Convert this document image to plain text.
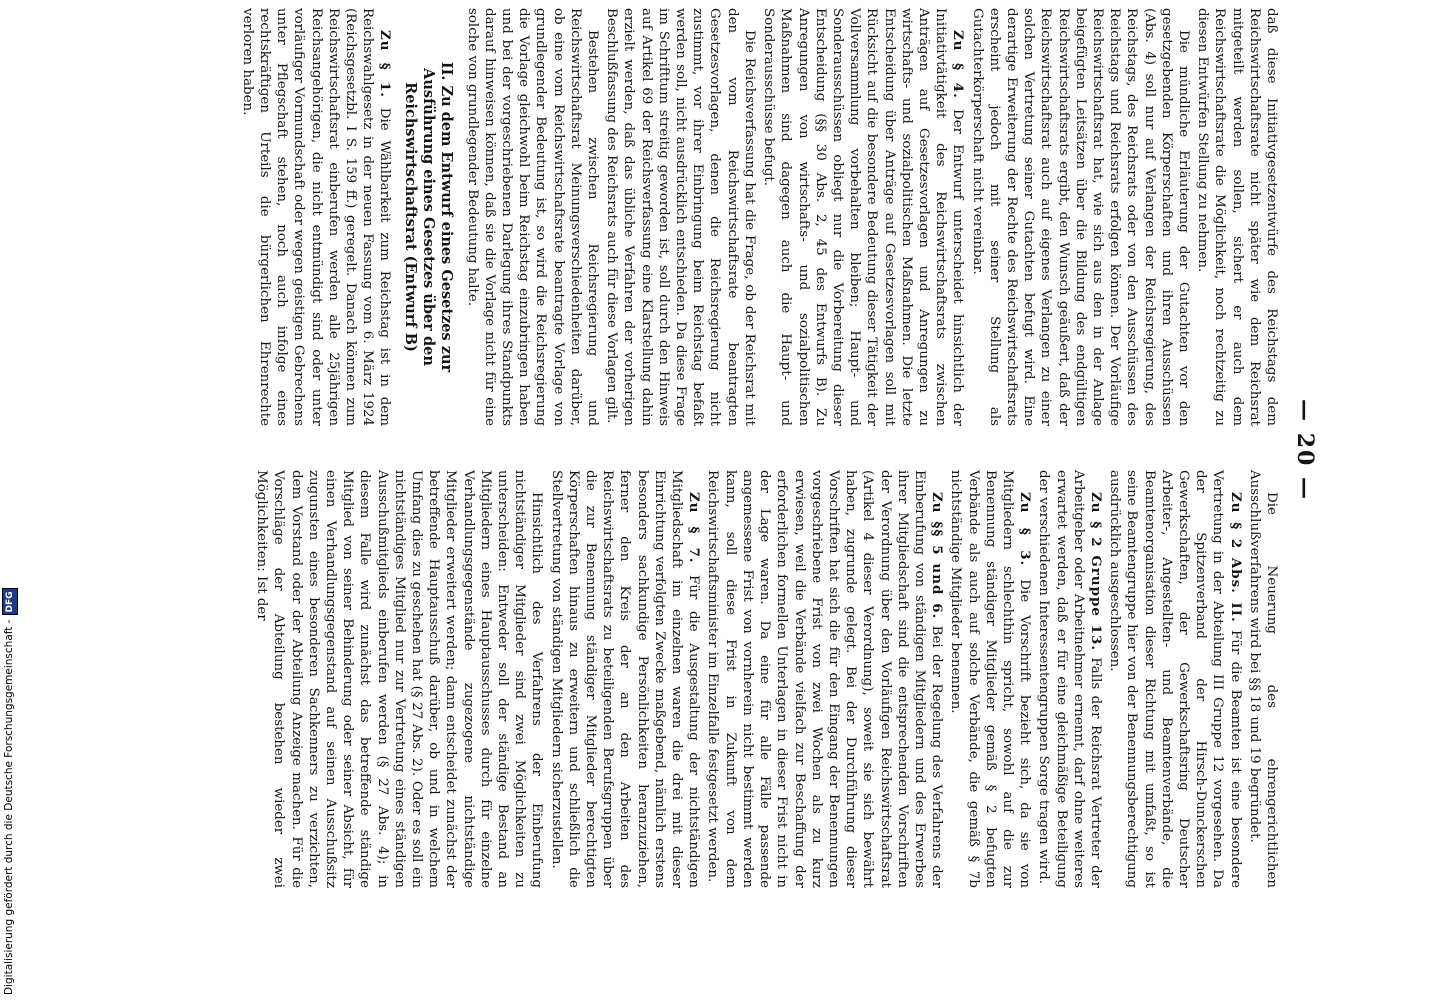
— 20 —

daß diese Initiativgesetzentwürfe des Reichstags dem Reichswirtschaftsrate nicht später wie dem Reichsrat mitgeteilt werden sollen, sichert er auch dem Reichswirtschaftsrate die Möglichkeit, noch rechtzeitig zu diesen Entwürfen Stellung zu nehmen.

Die mündliche Erläuterung der Gutachten vor den gesetzgebenden Körperschaften und ihren Ausschüssen (Abs. 4) soll nur auf Verlangen der Reichsregierung, des Reichstags, des Reichsrats oder von den Ausschüssen des Reichstags und Reichsrats erfolgen können. Der Vorläufige Reichswirtschaftsrat hat, wie sich aus den in der Anlage beigefügten Leitsätzen über die Bildung des endgültigen Reichswirtschaftsrats ergibt, den Wunsch geäußert, daß der Reichswirtschaftsrat auch auf eigenes Verlangen zu einer solchen Vertretung seiner Gutachten befugt wird. Eine derartige Erweiterung der Rechte des Reichswirtschaftsrats erscheint jedoch mit seiner Stellung als Gutachterkörperschaft nicht vereinbar.

Zu § 4. Der Entwurf unterscheidet hinsichtlich der Initiativtätigkeit des Reichswirtschaftsrats zwischen Anträgen auf Gesetzesvorlagen und Anregungen zu wirtschafts- und sozialpolitischen Maßnahmen. Die letzte Entscheidung über Anträge auf Gesetzesvorlagen soll mit Rücksicht auf die besondere Bedeutung dieser Tätigkeit der Vollversammlung vorbehalten bleiben; Haupt- und Sonderausschüssen obliegt nur die Vorbereitung dieser Entscheidung (§§ 30 Abs. 2, 45 des Entwurfs B). Zu Anregungen von wirtschafts- und sozialpolitischen Maßnahmen sind dagegen auch die Haupt- und Sonderausschüsse befugt.

Die Reichsverfassung hat die Frage, ob der Reichsrat mit den vom Reichswirtschaftsrate beantragten Gesetzesvorlagen, denen die Reichsregierung nicht zustimmt, vor ihrer Einbringung beim Reichstag befaßt werden soll, nicht ausdrücklich entschieden. Da diese Frage im Schrifttum streitig geworden ist, soll durch den Hinweis auf Artikel 69 der Reichsverfassung eine Klarstellung dahin erzielt werden, daß das übliche Verfahren der vorherigen Beschlußfassung des Reichsrats auch für diese Vorlagen gilt.

Bestehen zwischen Reichsregierung und Reichswirtschaftsrat Meinungsverschiedenheiten darüber, ob eine vom Reichswirtschaftsrate beantragte Vorlage von grundlegender Bedeutung ist, so wird die Reichsregierung die Vorlage gleichwohl beim Reichstag einzubringen haben und bei der vorgeschriebenen Darlegung ihres Standpunkts darauf hinweisen können, daß sie die Vorlage nicht für eine solche von grundlegender Bedeutung halte.

II. Zu dem Entwurf eines Gesetzes zur Ausführung eines Gesetzes über den Reichswirtschaftsrat (Entwurf B)

Zu § 1. Die Wählbarkeit zum Reichstag ist in dem Reichswahlgesetz in der neuen Fassung vom 6. März 1924 (Reichsgesetzbl. I S. 159 ff.) geregelt. Danach können zum Reichswirtschaftsrat einberufen werden alle 25jährigen Reichsangehörigen, die nicht entmündigt sind oder unter vorläufiger Vormundschaft oder wegen geistigen Gebrechens unter Pflegschaft stehen, noch auch infolge eines rechtskräftigen Urteils die bürgerlichen Ehrenrechte verloren haben.

Die Neuerung des ehrengerichtlichen Ausschlußverfahrens wird bei §§ 18 und 19 begründet.

Zu § 2 Abs. II. Für die Beamten ist eine besondere Vertretung in der Abteilung III Gruppe 12 vorgesehen. Da der Spitzenverband der Hirsch-Dunckerschen Gewerkschaften, der Gewerkschaftsring Deutscher Arbeiter-, Angestellten- und Beamtenverbände, die Beamtenorganisation dieser Richtung mit umfaßt, so ist seine Beamtengruppe hier von der Benennungsberechtigung ausdrücklich ausgeschlossen.

Zu § 2 Gruppe 13. Falls der Reichsrat Vertreter der Arbeitgeber oder Arbeitnehmer ernennt, darf ohne weiteres erwartet werden, daß er für eine gleichmäßige Beteiligung der verschiedenen Interessentengruppen Sorge tragen wird.

Zu § 3. Die Vorschrift bezieht sich, da sie von Mitgliedern schlechthin spricht, sowohl auf die zur Benennung ständiger Mitglieder gemäß § 2 befugten Verbände als auch auf solche Verbände, die gemäß § 7b nichtständige Mitglieder benennen.

Zu §§ 5 und 6. Bei der Regelung des Verfahrens der Einberufung von ständigen Mitgliedern und des Erwerbes ihrer Mitgliedschaft sind die entsprechenden Vorschriften der Verordnung über den Vorläufigen Reichswirtschaftsrat (Artikel 4 dieser Verordnung), soweit sie sich bewährt haben, zugrunde gelegt. Bei der Durchführung dieser Vorschriften hat sich die für den Eingang der Benennungen vorgeschriebene Frist von zwei Wochen als zu kurz erwiesen, weil die Verbände vielfach zur Beschaffung der erforderlichen formellen Unterlagen in dieser Frist nicht in der Lage waren. Da eine für alle Fälle passende angemessene Frist von vornherein nicht bestimmt werden kann, soll diese Frist in Zukunft von dem Reichswirtschaftsminister im Einzelfalle festgesetzt werden.

Zu § 7. Für die Ausgestaltung der nichtständigen Mitgliedschaft im einzelnen waren die drei mit dieser Einrichtung verfolgten Zwecke maßgebend, nämlich erstens besonders sachkundige Persönlichkeiten heranzuziehen, ferner den Kreis der an den Arbeiten des Reichswirtschaftsrats zu beteiligenden Berufsgruppen über die zur Benennung ständiger Mitglieder berechtigten Körperschaften hinaus zu erweitern und schließlich die Stellvertretung von ständigen Mitgliedern sicherzustellen.

Hinsichtlich des Verfahrens der Einberufung nichtständiger Mitglieder sind zwei Möglichkeiten zu unterscheiden: Entweder soll der ständige Bestand an Mitgliedern eines Hauptausschusses durch für einzelne Verhandlungsgegenstände zugezogene nichtständige Mitglieder erweitert werden; dann entscheidet zunächst der betreffende Hauptausschuß darüber, ob und in welchem Umfang dies zu geschehen hat (§ 27 Abs. 2). Oder es soll ein nichtständiges Mitglied nur zur Vertretung eines ständigen Ausschußmitglieds einberufen werden (§ 27 Abs. 4); in diesem Falle wird zunächst das betreffende ständige Mitglied von seiner Behinderung oder seiner Absicht, für einen Verhandlungsgegenstand auf seinen Ausschußsitz zugunsten eines besonderen Sachkenners zu verzichten, dem Vorstand oder der Abteilung Anzeige machen. Für die Vorschläge der Abteilung bestehen wieder zwei Möglichkeiten: Ist der

Digitalisierung gefördert durch die Deutsche Forschungsgemeinschaft -DFG
